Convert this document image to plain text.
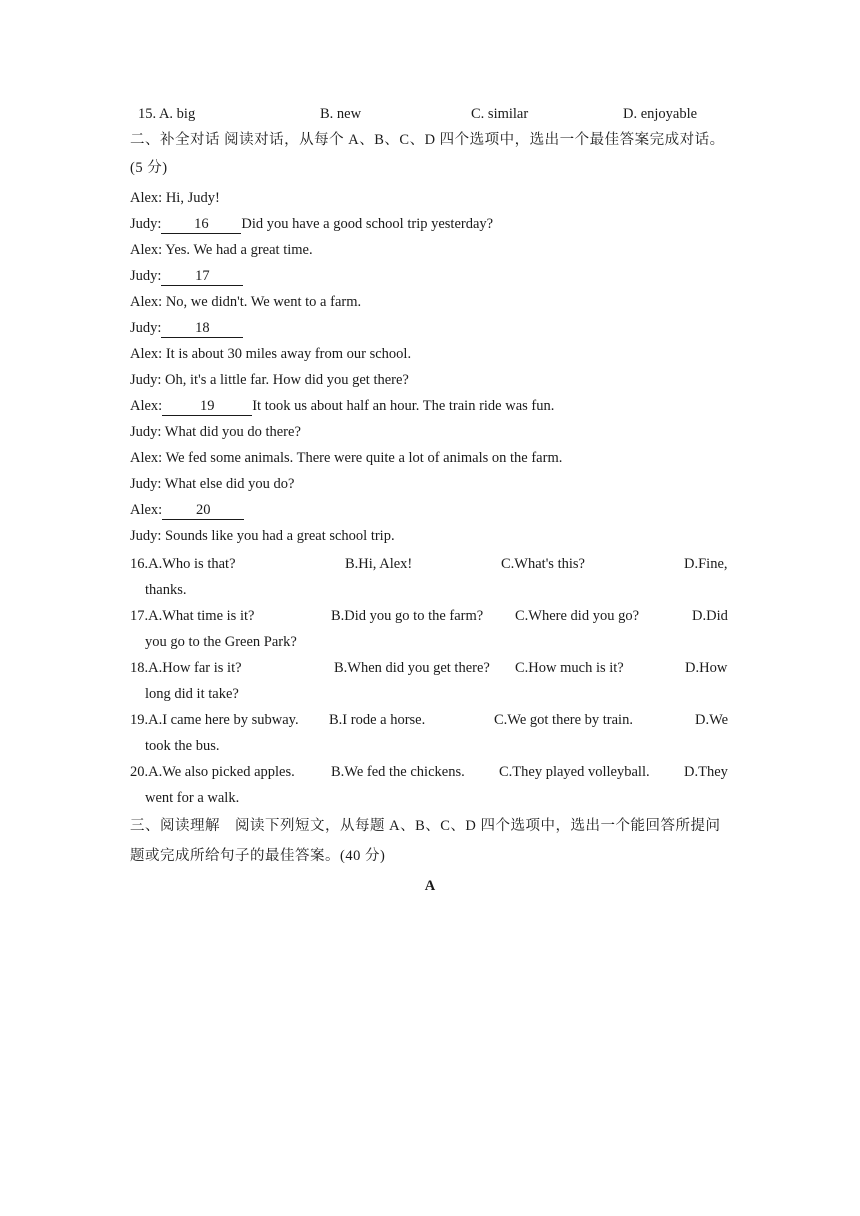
15. A. big	B. new	C. similar	D. enjoyable
二、补全对话 阅读对话，从每个 A、B、C、D 四个选项中，选出一个最佳答案完成对话。
(5 分)
Alex: Hi, Judy!
Judy: 16 Did you have a good school trip yesterday?
Alex: Yes. We had a great time.
Judy: 17
Alex: No, we didn't. We went to a farm.
Judy: 18
Alex: It is about 30 miles away from our school.
Judy: Oh, it's a little far. How did you get there?
Alex:	19	It took us about half an hour. The train ride was fun.
Judy: What did you do there?
Alex: We fed some animals. There were quite a lot of animals on the farm.
Judy: What else did you do?
Alex: 20
Judy: Sounds like you had a great school trip.
16.A.Who is that?	B.Hi, Alex!	C.What's this?	D.Fine,
thanks.
17.A.What time is it?	B.Did you go to the farm? C.Where did you go?	D.Did
you go to the Green Park?
18.A.How far is it?	B.When did you get there? C.How much is it?	D.How
long did it take?
19.A.I came here by subway. B.I rode a horse.	C.We got there by train.	D.We
took the bus.
20.A.We also picked apples.	B.We fed the chickens. C.They played volleyball. D.They
went for a walk.
三、阅读理解　阅读下列短文，从每题 A、B、C、D 四个选项中，选出一个能回答所提问
题或完成所给句子的最佳答案。(40 分)
A
